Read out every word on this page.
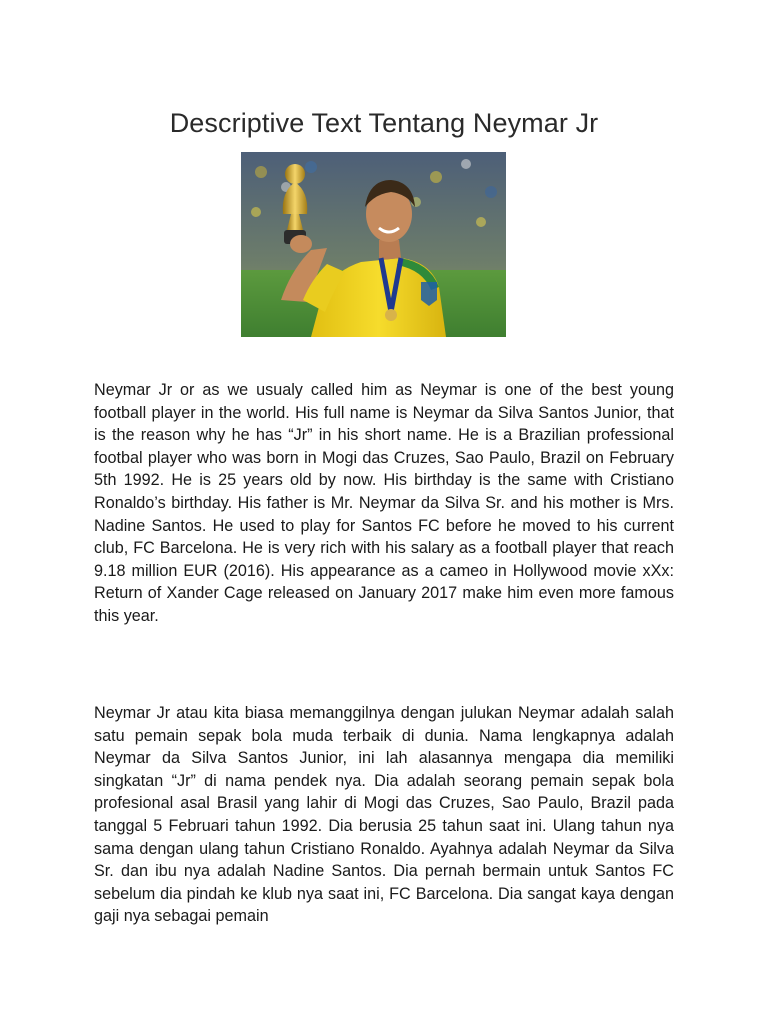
Descriptive Text Tentang Neymar Jr

Neymar Jr or as we usualy called him as Neymar is one of the best young football player in the world. His full name is Neymar da Silva Santos Junior, that is the reason why he has “Jr” in his short name. He is a Brazilian professional footbal player who was born in Mogi das Cruzes, Sao Paulo, Brazil on February 5th 1992. He is 25 years old by now. His birthday is the same with Cristiano Ronaldo’s birthday. His father is Mr. Neymar da Silva Sr. and his mother is Mrs. Nadine Santos. He used to play for Santos FC before he moved to his current club, FC Barcelona. He is very rich with his salary as a football player that reach 9.18 million EUR (2016). His appearance as a cameo in Hollywood movie xXx: Return of Xander Cage released on January 2017 make him even more famous this year.

Neymar Jr atau kita biasa memanggilnya dengan julukan Neymar adalah salah satu pemain sepak bola muda terbaik di dunia. Nama lengkapnya adalah Neymar da Silva Santos Junior, ini lah alasannya mengapa dia memiliki singkatan “Jr” di nama pendek nya. Dia adalah seorang pemain sepak bola profesional asal Brasil yang lahir di Mogi das Cruzes, Sao Paulo, Brazil pada tanggal 5 Februari tahun 1992. Dia berusia 25 tahun saat ini. Ulang tahun nya sama dengan ulang tahun Cristiano Ronaldo. Ayahnya adalah Neymar da Silva Sr. dan ibu nya adalah Nadine Santos. Dia pernah bermain untuk Santos FC sebelum dia pindah ke klub nya saat ini, FC Barcelona. Dia sangat kaya dengan gaji nya sebagai pemain
